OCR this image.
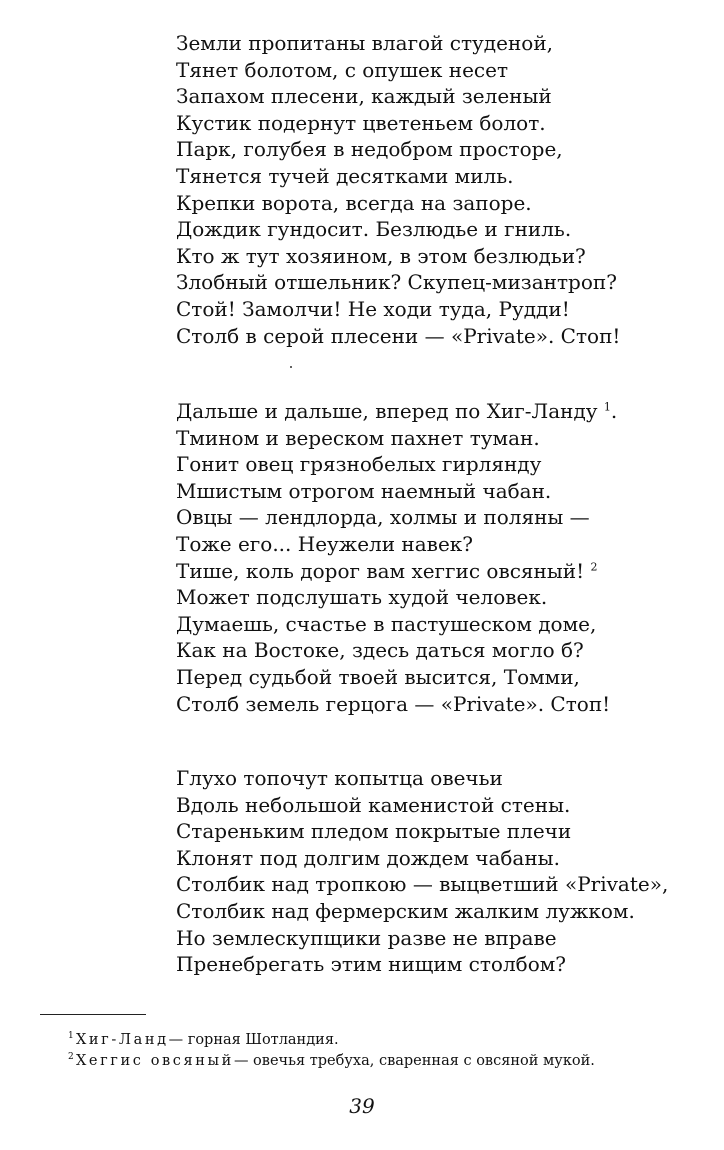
Земли пропитаны влагой студеной,
Тянет болотом, с опушек несет
Запахом плесени, каждый зеленый
Кустик подернут цветеньем болот.
Парк, голубея в недобром просторе,
Тянется тучей десятками миль.
Крепки ворота, всегда на запоре.
Дождик гундосит. Безлюдье и гниль.
Кто ж тут хозяином, в этом безлюдьи?
Злобный отшельник? Скупец-мизантроп?
Стой! Замолчи! Не ходи туда, Рудди!
Столб в серой плесени — «Private». Стоп!
Дальше и дальше, вперед по Хиг-Ланду $^1$.
Тмином и вереском пахнет туман.
Гонит овец грязнобелых гирлянду
Мшистым отрогом наемный чабан.
Овцы — лендлорда, холмы и поляны —
Тоже его... Неужели навек?
Тише, коль дорог вам хеггис овсяный! $^2$
Может подслушать худой человек.
Думаешь, счастье в пастушеском доме,
Как на Востоке, здесь даться могло б?
Перед судьбой твоей высится, Томми,
Столб земель герцога — «Private». Стоп!
Глухо топочут копытца овечьи
Вдоль небольшой каменистой стены.
Стареньким пледом покрытые плечи
Клонят под долгим дождем чабаны.
Столбик над тропкою — выцветший «Private»,
Столбик над фермерским жалким лужком.
Но землескупщики разве не вправе
Пренебрегать этим нищим столбом?
1 Хиг-Ланд— горная Шотландия.
2 Хеггис овсяный— овечья требуха, сваренная с овсяной мукой.
39
